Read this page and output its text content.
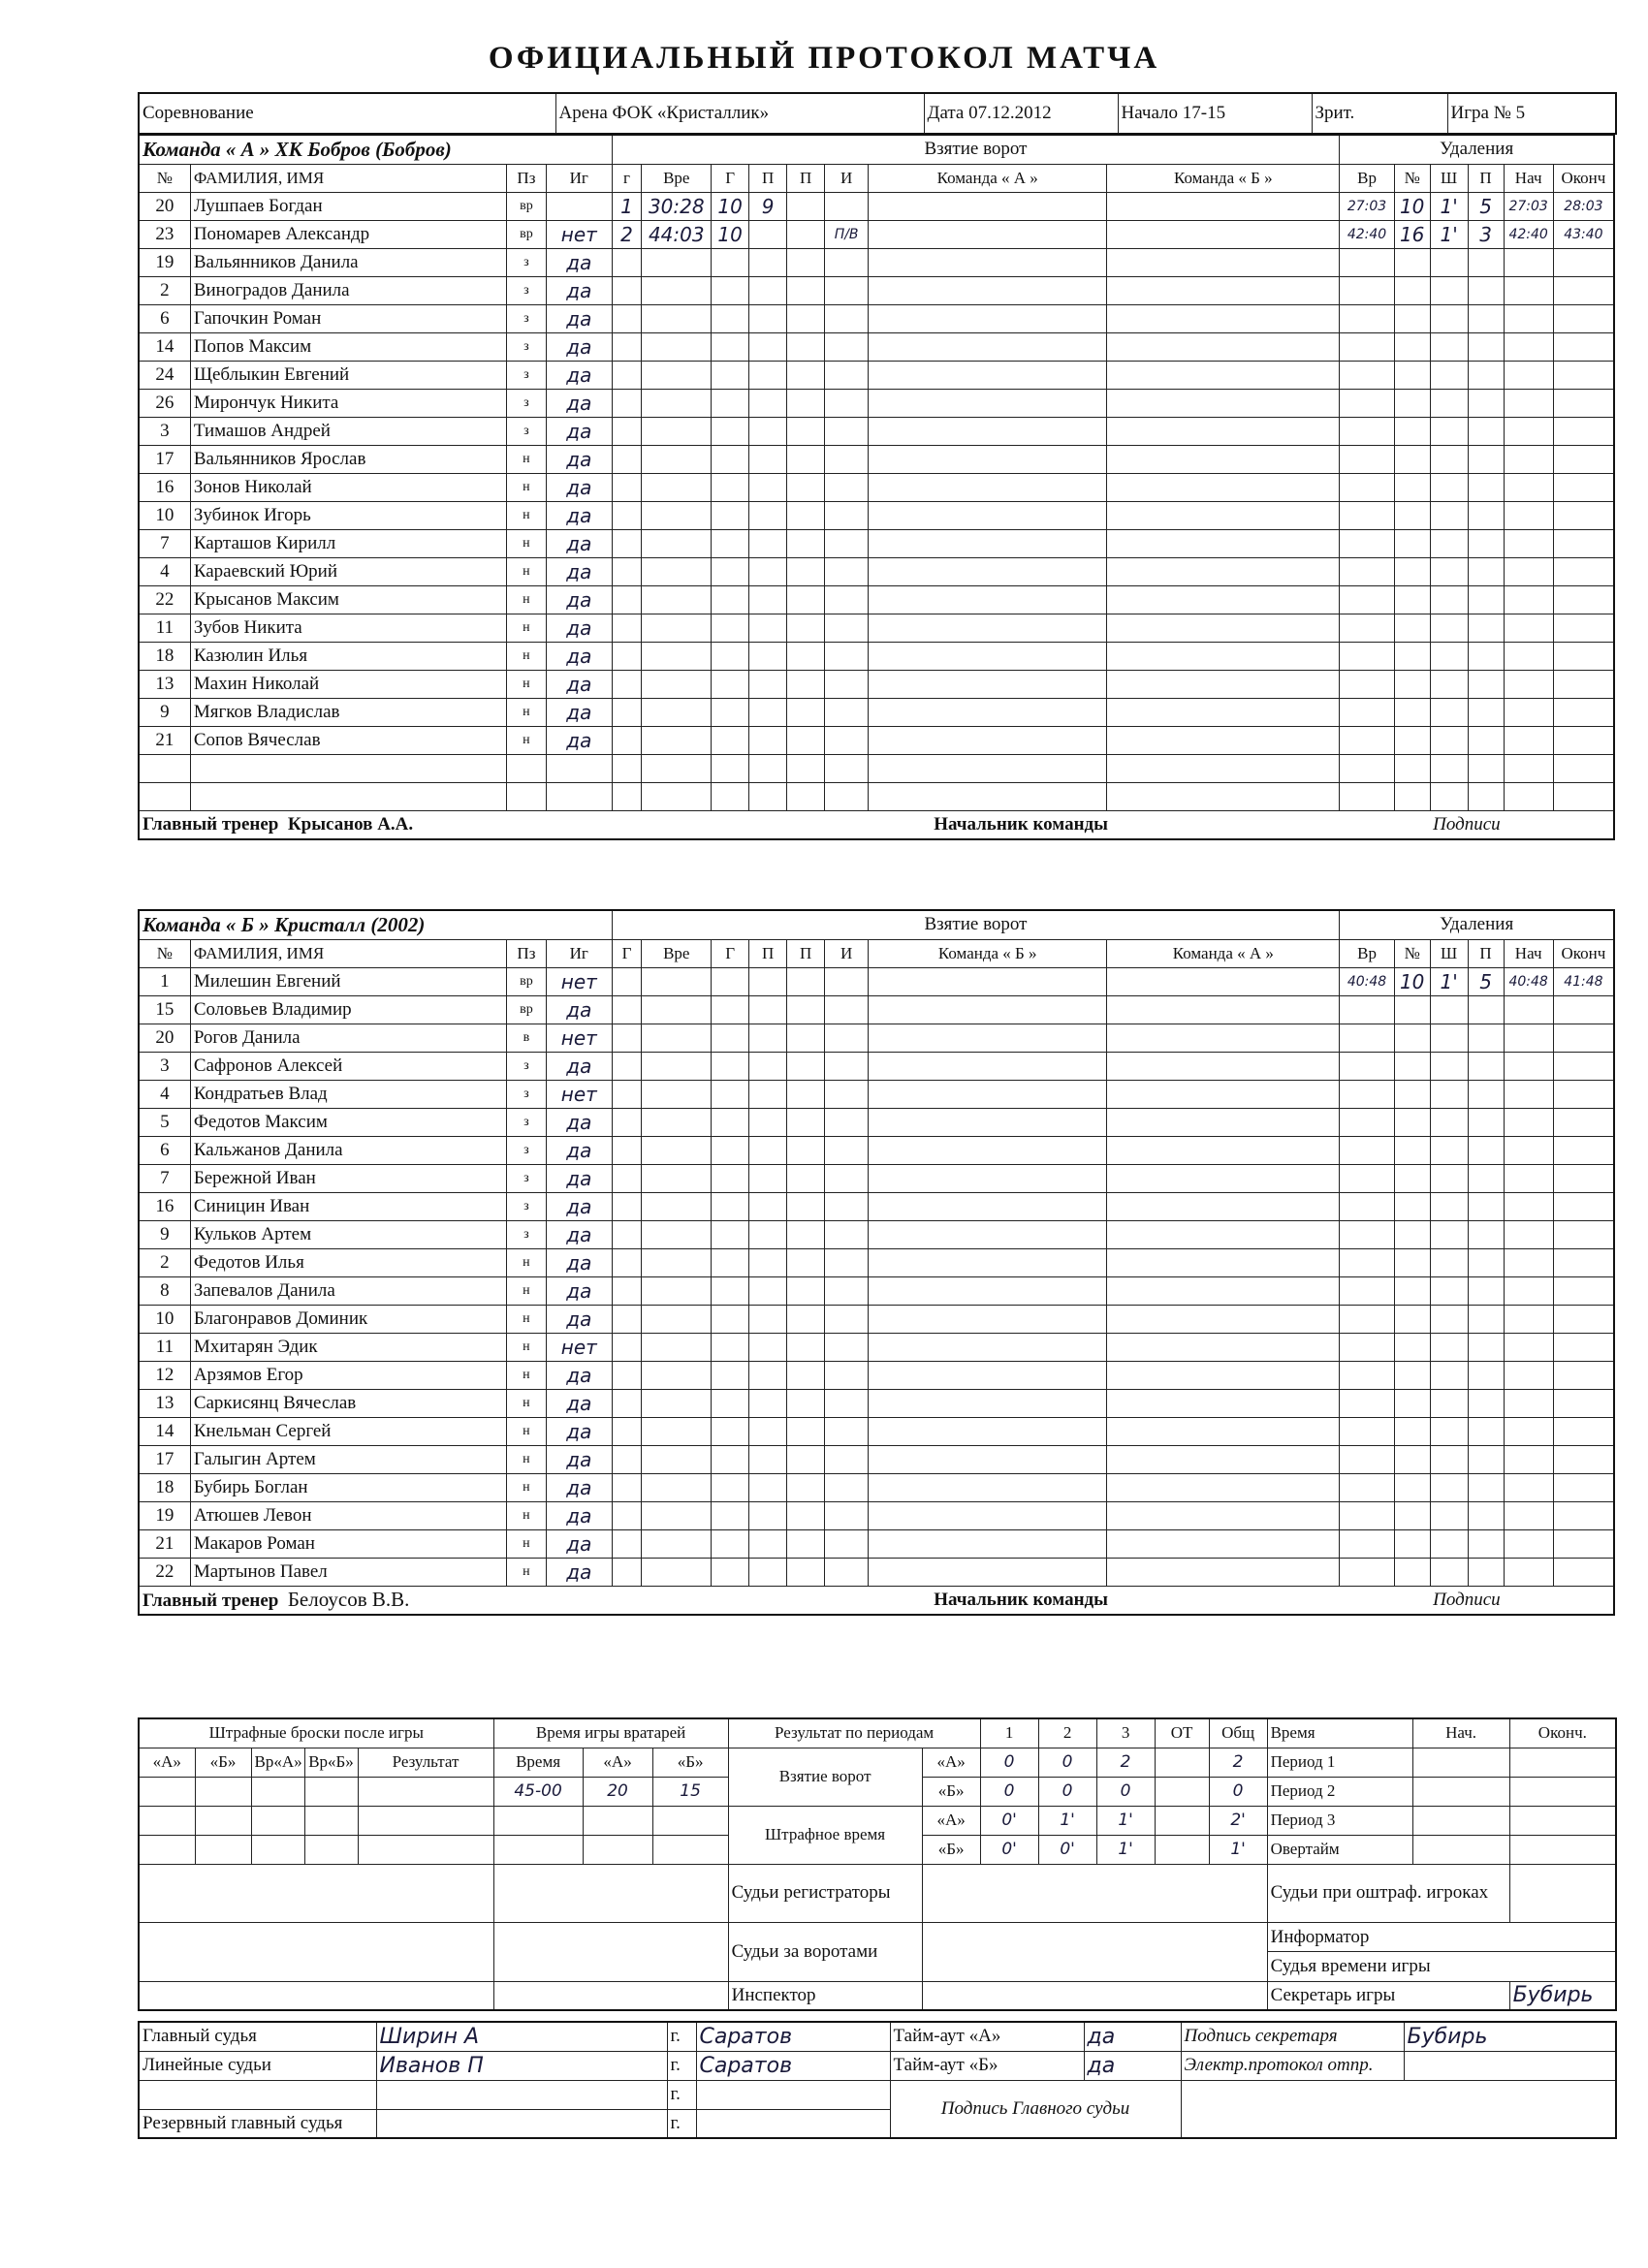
ОФИЦИАЛЬНЫЙ ПРОТОКОЛ МАТЧА
Соревнование	Арена ФОК «Кристаллик»	Дата 07.12.2012	Начало 17-15	Зрит.	Игра № 5
Команда « А » ХК Бобров (Бобров)				Взятие ворот								Удаления					
№	ФАМИЛИЯ, ИМЯ	Пз	Иг	г	Вре	Г	П	П	И	Команда « А »	Команда « Б »	Вр	№	Ш	П	Нач	Оконч
20	Лушпаев Богдан	вр		1	30:28	10	9					27:03	10	1'	5	27:03	28:03
23	Пономарев Александр	вр	нет	2	44:03	10			П/В			42:40	16	1'	3	42:40	43:40
19	Вальянников Данила	з	да														
2	Виноградов Данила	з	да														
6	Гапочкин Роман	з	да														
14	Попов Максим	з	да														
24	Щеблыкин Евгений	з	да														
26	Мирончук Никита	з	да														
3	Тимашов Андрей	з	да														
17	Вальянников Ярослав	н	да														
16	Зонов Николай	н	да														
10	Зубинок Игорь	н	да														
7	Карташов Кирилл	н	да														
4	Караевский Юрий	н	да														
22	Крысанов Максим	н	да														
11	Зубов Никита	н	да														
18	Казюлин Илья	н	да														
13	Махин Николай	н	да														
9	Мягков Владислав	н	да														
21	Сопов Вячеслав	н	да														

Главный тренер Крысанов А.А.				Начальник команды										Подписи			
Команда « Б » Кристалл (2002)				Взятие ворот								Удаления					
№	ФАМИЛИЯ, ИМЯ	Пз	Иг	Г	Вре	Г	П	П	И	Команда « Б »	Команда « А »	Вр	№	Ш	П	Нач	Оконч
1	Милешин Евгений	вр	нет									40:48	10	1'	5	40:48	41:48
15	Соловьев Владимир	вр	да														
20	Рогов Данила	в	нет														
3	Сафронов Алексей	з	да														
4	Кондратьев Влад	з	нет														
5	Федотов Максим	з	да														
6	Кальжанов Данила	з	да														
7	Бережной Иван	з	да														
16	Синицин Иван	з	да														
9	Кульков Артем	з	да														
2	Федотов Илья	н	да														
8	Запевалов Данила	н	да														
10	Благонравов Доминик	н	да														
11	Мхитарян Эдик	н	нет														
12	Арзямов Егор	н	да														
13	Саркисянц Вячеслав	н	да														
14	Кнельман Сергей	н	да														
17	Галыгин Артем	н	да														
18	Бубирь Боглан	н	да														
19	Атюшев Левон	н	да														
21	Макаров Роман	н	да														
22	Мартынов Павел	н	да														
Главный тренер Белоусов В.В.				Начальник команды										Подписи			
Штрафные броски после игры					Время игры вратарей			Результат по периодам		1	2	3	ОТ	Общ	Время	Нач.	Оконч.
«А»	«Б»	Вр«А»	Вр«Б»	Результат	Время	«А»	«Б»	Взятие ворот	«А»	0	0	2		2	Период 1		
					45-00	20	15		«Б»	0	0	0		0	Период 2		
								Штрафное время	«А»	0'	1'	1'		2'	Период 3		
									«Б»	0'	0'	1'		1'	Овертайм		
								Судьи регистраторы							Судьи при оштраф. игроках		
								Судьи за воротами							Информатор
Судья времени игры		

								Инспектор							Секретарь игры		Бубирь
Главный судья	Ширин А	г.	Саратов	Тайм-аут «А»	да	Подпись секретаря	Бубирь
Линейные судьи	Иванов П	г.	Саратов	Тайм-аут «Б»	да	Электр.протокол отпр.	
		г.		Подпись Главного судьи			
Резервный главный судья		г.					
